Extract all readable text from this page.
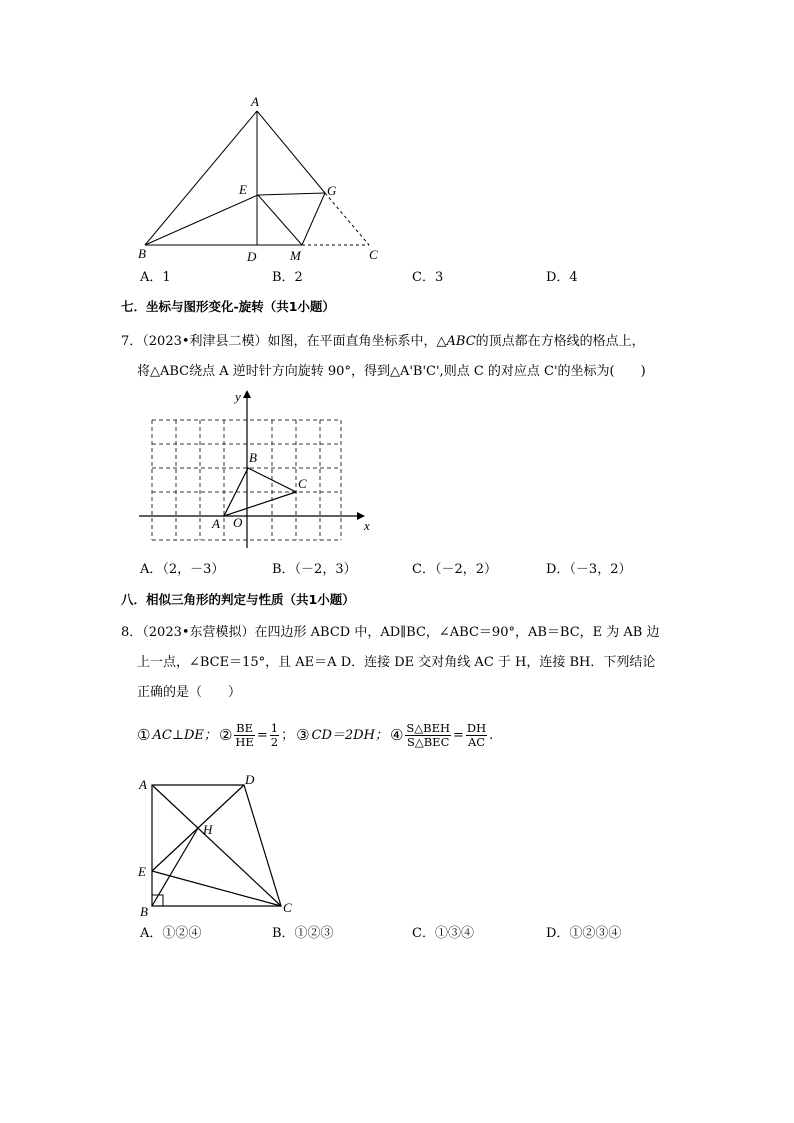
A
B	C
D
E	G
M
A．1	B．2	C．3	D．4
七．坐标与图形变化-旋转（共1小题）
7．（2023•利津县二模）如图，在平面直角坐标系中，△ABC的顶点都在方格线的格点上，
将△ABC绕点 A 逆时针方向旋转 90°，得到△A'B'C',则点 C 的对应点 C'的坐标为(　　)
x
y
A O
B
C
A．（2，－3）	B．（－2，3）	C．（－2，2）	D．（－3，2）
八．相似三角形的判定与性质（共1小题）
8．（2023•东营模拟）在四边形 ABCD 中，AD∥BC，∠ABC＝90°，AB＝BC，E 为 AB 边
上一点，∠BCE＝15°，且 AE＝A D．连接 DE 交对角线 AC 于 H，连接 BH．下列结论
正确的是（　　）
① AC⊥DE； ② $\frac{BE}{HE} = \frac{1}{2}$ ； ③ CD＝2DH； ④ $\frac{\text{S△BEH}}{\text{S△BEC}} = \frac{DH}{AC}$ .
A	D
H
E
B	C
A．①②④	B．①②③	C．①③④	D．①②③④
